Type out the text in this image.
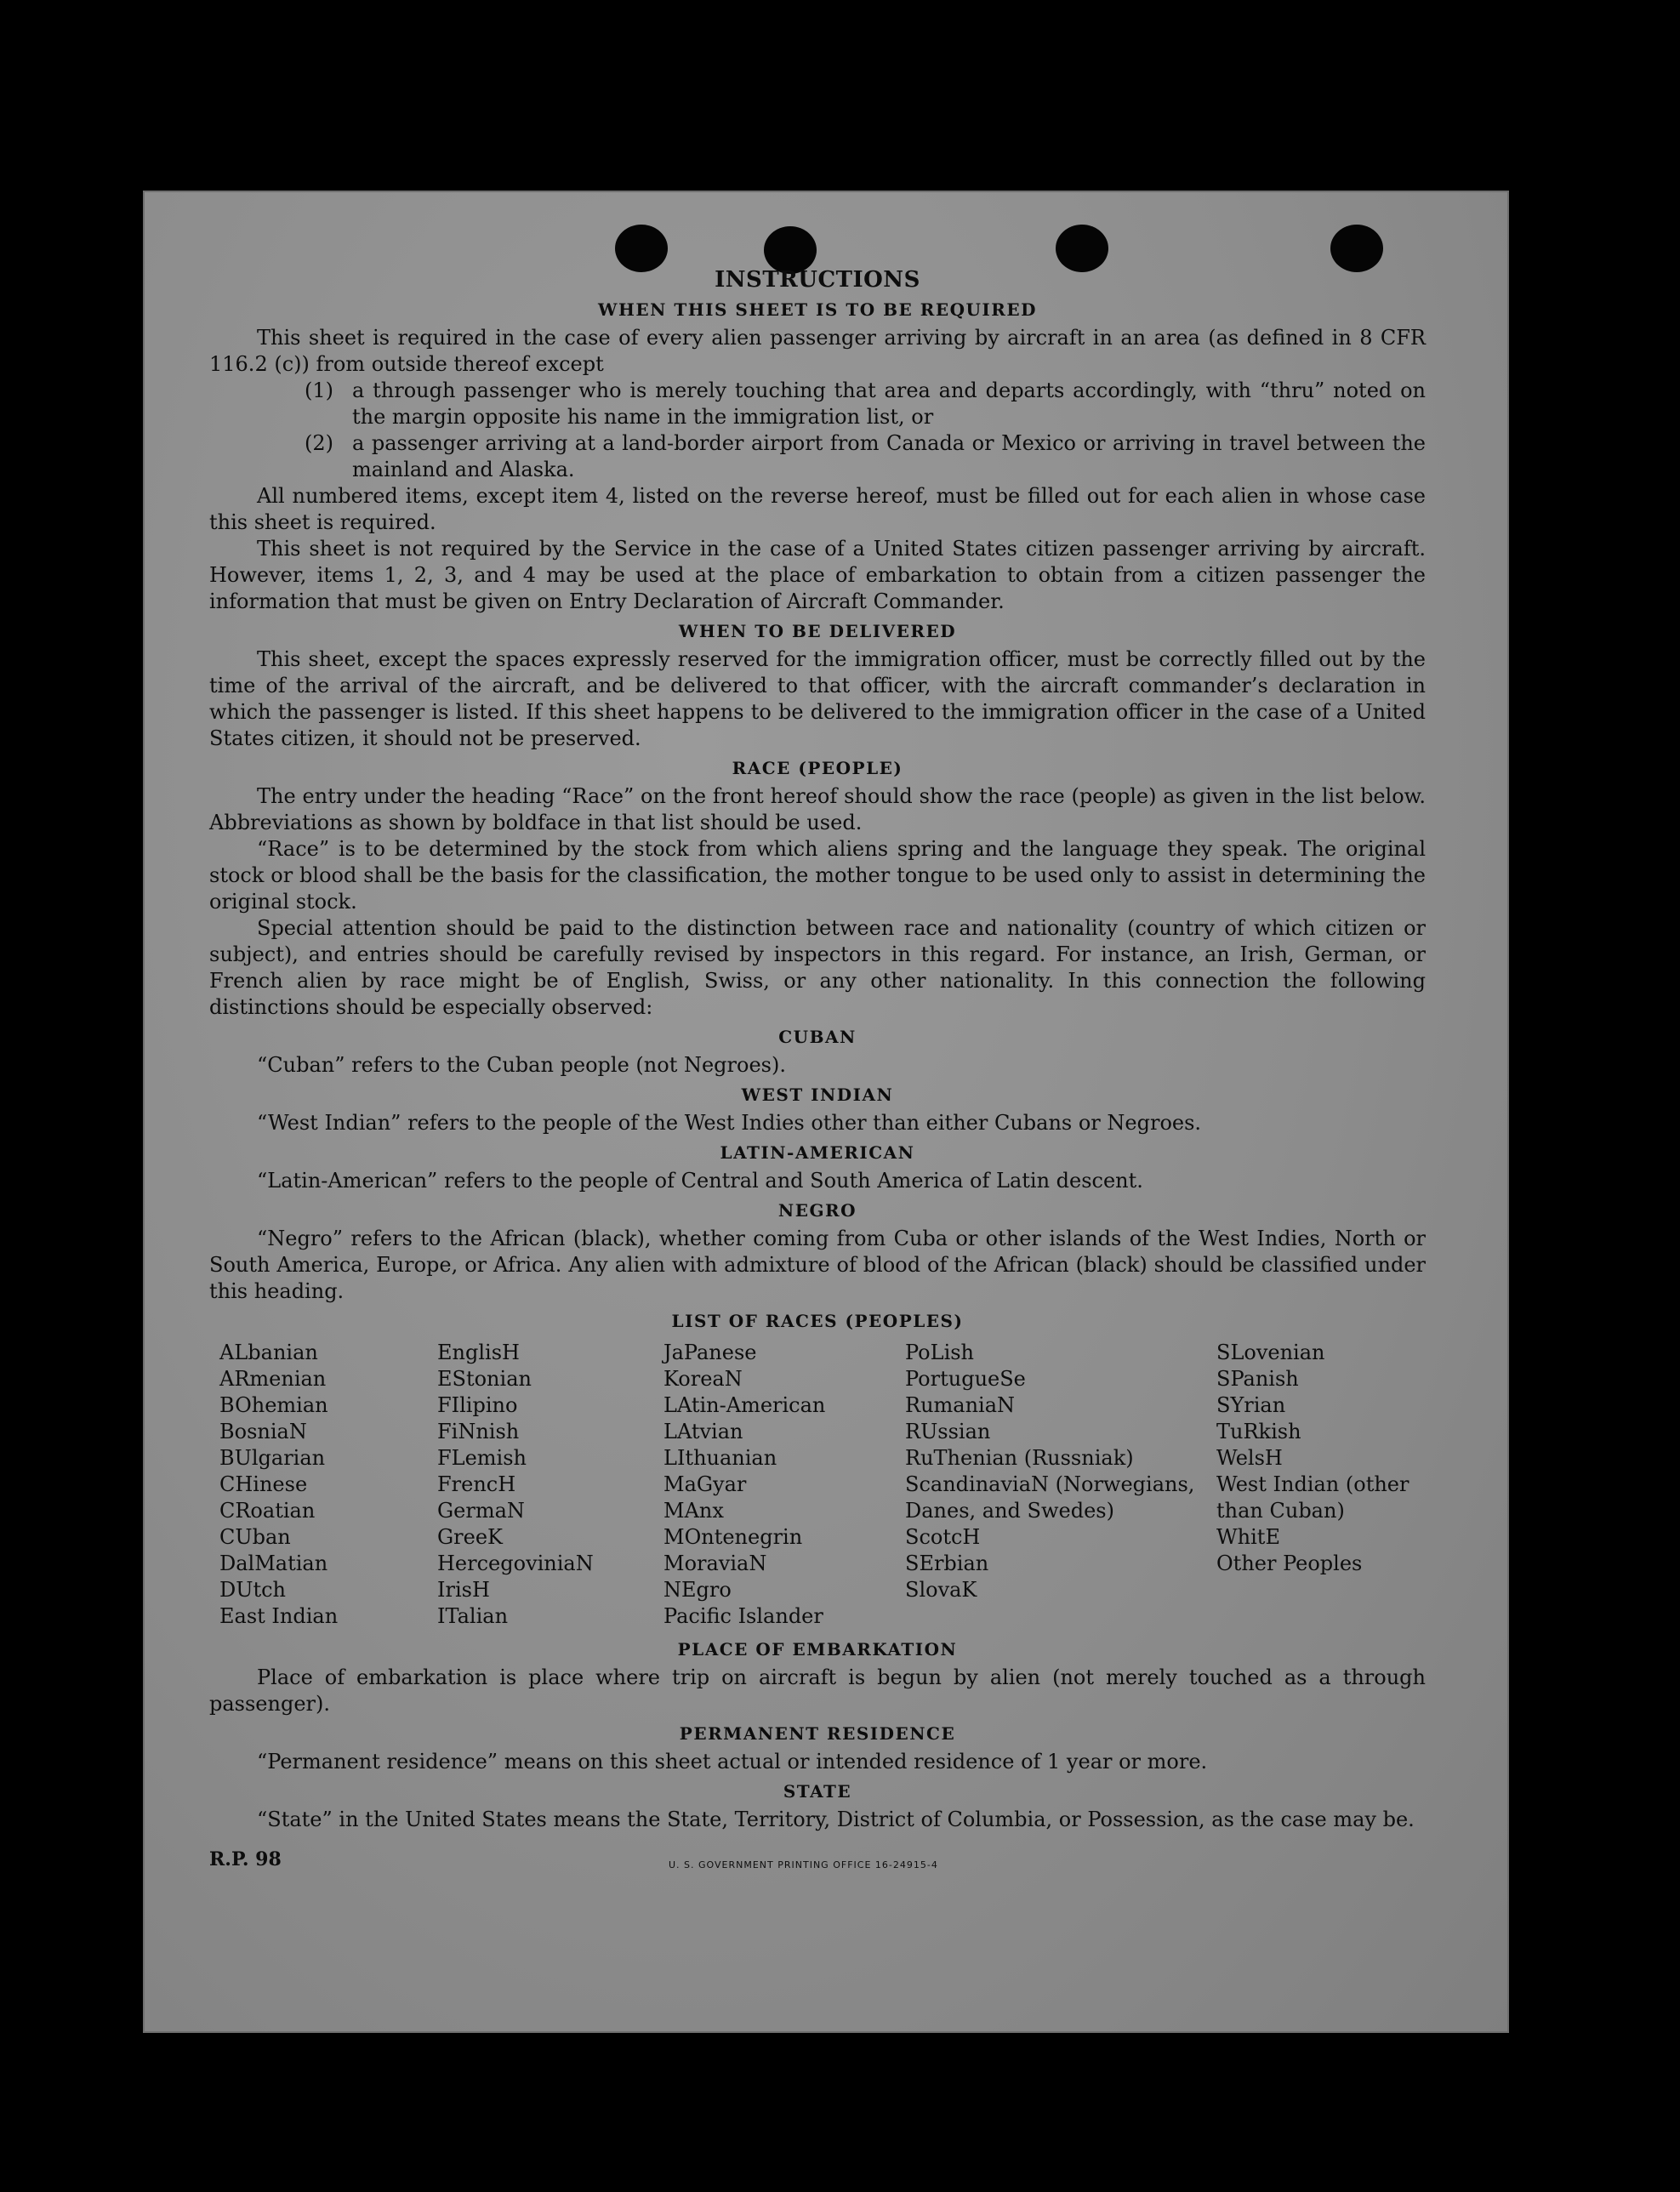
INSTRUCTIONS
WHEN THIS SHEET IS TO BE REQUIRED

This sheet is required in the case of every alien passenger arriving by aircraft in an area (as defined in 8 CFR 116.2 (c)) from outside thereof except

(1) a through passenger who is merely touching that area and departs accordingly, with “thru” noted on the margin opposite his name in the immigration list, or
(2) a passenger arriving at a land-border airport from Canada or Mexico or arriving in travel between the mainland and Alaska.

All numbered items, except item 4, listed on the reverse hereof, must be filled out for each alien in whose case this sheet is required.

This sheet is not required by the Service in the case of a United States citizen passenger arriving by aircraft. However, items 1, 2, 3, and 4 may be used at the place of embarkation to obtain from a citizen passenger the information that must be given on Entry Declaration of Aircraft Commander.

WHEN TO BE DELIVERED

This sheet, except the spaces expressly reserved for the immigration officer, must be correctly filled out by the time of the arrival of the aircraft, and be delivered to that officer, with the aircraft commander’s declaration in which the passenger is listed. If this sheet happens to be delivered to the immigration officer in the case of a United States citizen, it should not be preserved.

RACE (PEOPLE)

The entry under the heading “Race” on the front hereof should show the race (people) as given in the list below. Abbreviations as shown by boldface in that list should be used.

“Race” is to be determined by the stock from which aliens spring and the language they speak. The original stock or blood shall be the basis for the classification, the mother tongue to be used only to assist in determining the original stock.

Special attention should be paid to the distinction between race and nationality (country of which citizen or subject), and entries should be carefully revised by inspectors in this regard. For instance, an Irish, German, or French alien by race might be of English, Swiss, or any other nationality. In this connection the following distinctions should be especially observed:

CUBAN

“Cuban” refers to the Cuban people (not Negroes).

WEST INDIAN

“West Indian” refers to the people of the West Indies other than either Cubans or Negroes.

LATIN-AMERICAN

“Latin-American” refers to the people of Central and South America of Latin descent.

NEGRO

“Negro” refers to the African (black), whether coming from Cuba or other islands of the West Indies, North or South America, Europe, or Africa. Any alien with admixture of blood of the African (black) should be classified under this heading.

LIST OF RACES (PEOPLES)
ALbanian
ARmenian
BOhemian
BosniaN
BUlgarian
CHinese
CRoatian
CUban
DalMatian
DUtch
East Indian
EnglisH
EStonian
FIlipino
FiNnish
FLemish
FrencH
GermaN
GreeK
HercegoviniaN
IrisH
ITalian
JaPanese
KoreaN
LAtin-American
LAtvian
LIthuanian
MaGyar
MAnx
MOntenegrin
MoraviaN
NEgro
Pacific Islander
PoLish
PortugueSe
RumaniaN
RUssian
RuThenian (Russniak)
ScandinaviaN (Norwegians, Danes, and Swedes)
ScotcH
SErbian
SlovaK
SLovenian
SPanish
SYrian
TuRkish
WelsH
West Indian (other than Cuban)
WhitE
Other Peoples
PLACE OF EMBARKATION

Place of embarkation is place where trip on aircraft is begun by alien (not merely touched as a through passenger).

PERMANENT RESIDENCE

“Permanent residence” means on this sheet actual or intended residence of 1 year or more.

STATE

“State” in the United States means the State, Territory, District of Columbia, or Possession, as the case may be.

R.P. 98	U. S. GOVERNMENT PRINTING OFFICE 16-24915-4
